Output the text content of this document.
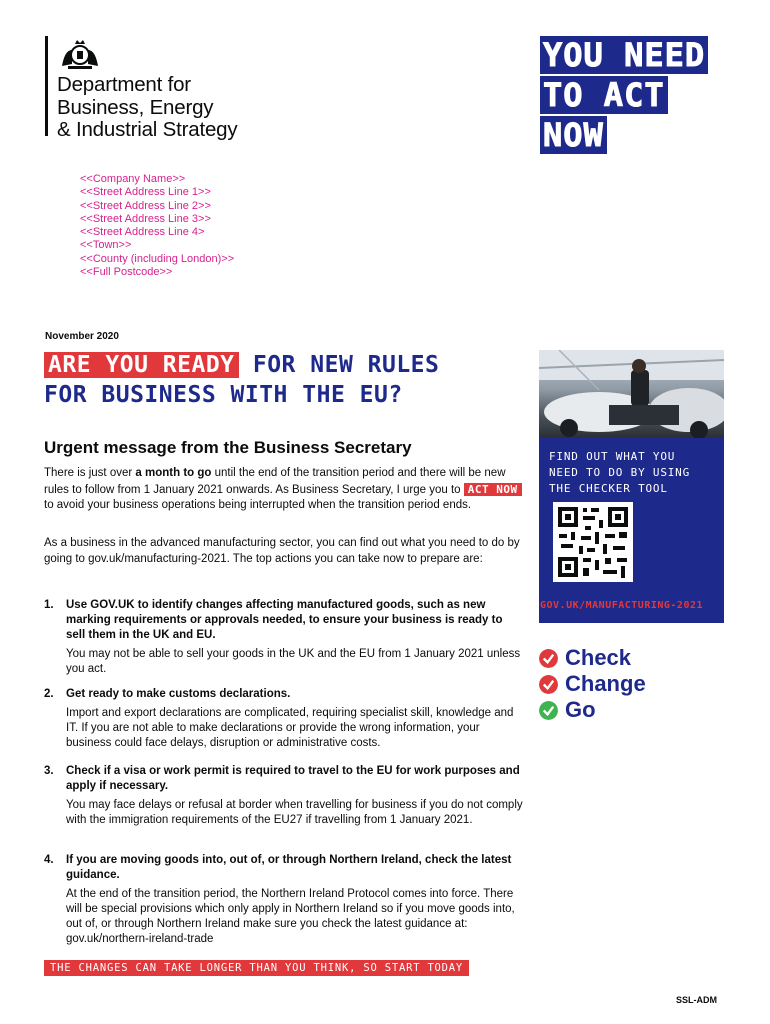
Department for
Business, Energy
& Industrial Strategy
YOU NEED
TO ACT
NOW
<<Company Name>>
<<Street Address Line 1>>
<<Street Address Line 2>>
<<Street Address Line 3>>
<<Street Address Line 4>
<<Town>>
<<County (including London)>>
<<Full Postcode>>
November 2020
ARE YOU READY FOR NEW RULES
FOR BUSINESS WITH THE EU?
Urgent message from the Business Secretary
There is just over a month to go until the end of the transition period and there will be new rules to follow from 1 January 2021 onwards. As Business Secretary, I urge you to ACT NOW to avoid your business operations being interrupted when the transition period ends.
As a business in the advanced manufacturing sector, you can find out what you need to do by going to gov.uk/manufacturing-2021. The top actions you can take now to prepare are:
1. Use GOV.UK to identify changes affecting manufactured goods, such as new marking requirements or approvals needed, to ensure your business is ready to sell them in the UK and EU.
You may not be able to sell your goods in the UK and the EU from 1 January 2021 unless you act.
2. Get ready to make customs declarations.
Import and export declarations are complicated, requiring specialist skill, knowledge and IT. If you are not able to make declarations or provide the wrong information, your business could face delays, disruption or administrative costs.
3. Check if a visa or work permit is required to travel to the EU for work purposes and apply if necessary.
You may face delays or refusal at border when travelling for business if you do not comply with the immigration requirements of the EU27 if travelling from 1 January 2021.
4. If you are moving goods into, out of, or through Northern Ireland, check the latest guidance.
At the end of the transition period, the Northern Ireland Protocol comes into force. There will be special provisions which only apply in Northern Ireland so if you move goods into, out of, or through Northern Ireland make sure you check the latest guidance at: gov.uk/northern-ireland-trade
THE CHANGES CAN TAKE LONGER THAN YOU THINK, SO START TODAY
SSL-ADM
FIND OUT WHAT YOU
NEED TO DO BY USING
THE CHECKER TOOL
GOV.UK/MANUFACTURING-2021
Check
Change
Go
